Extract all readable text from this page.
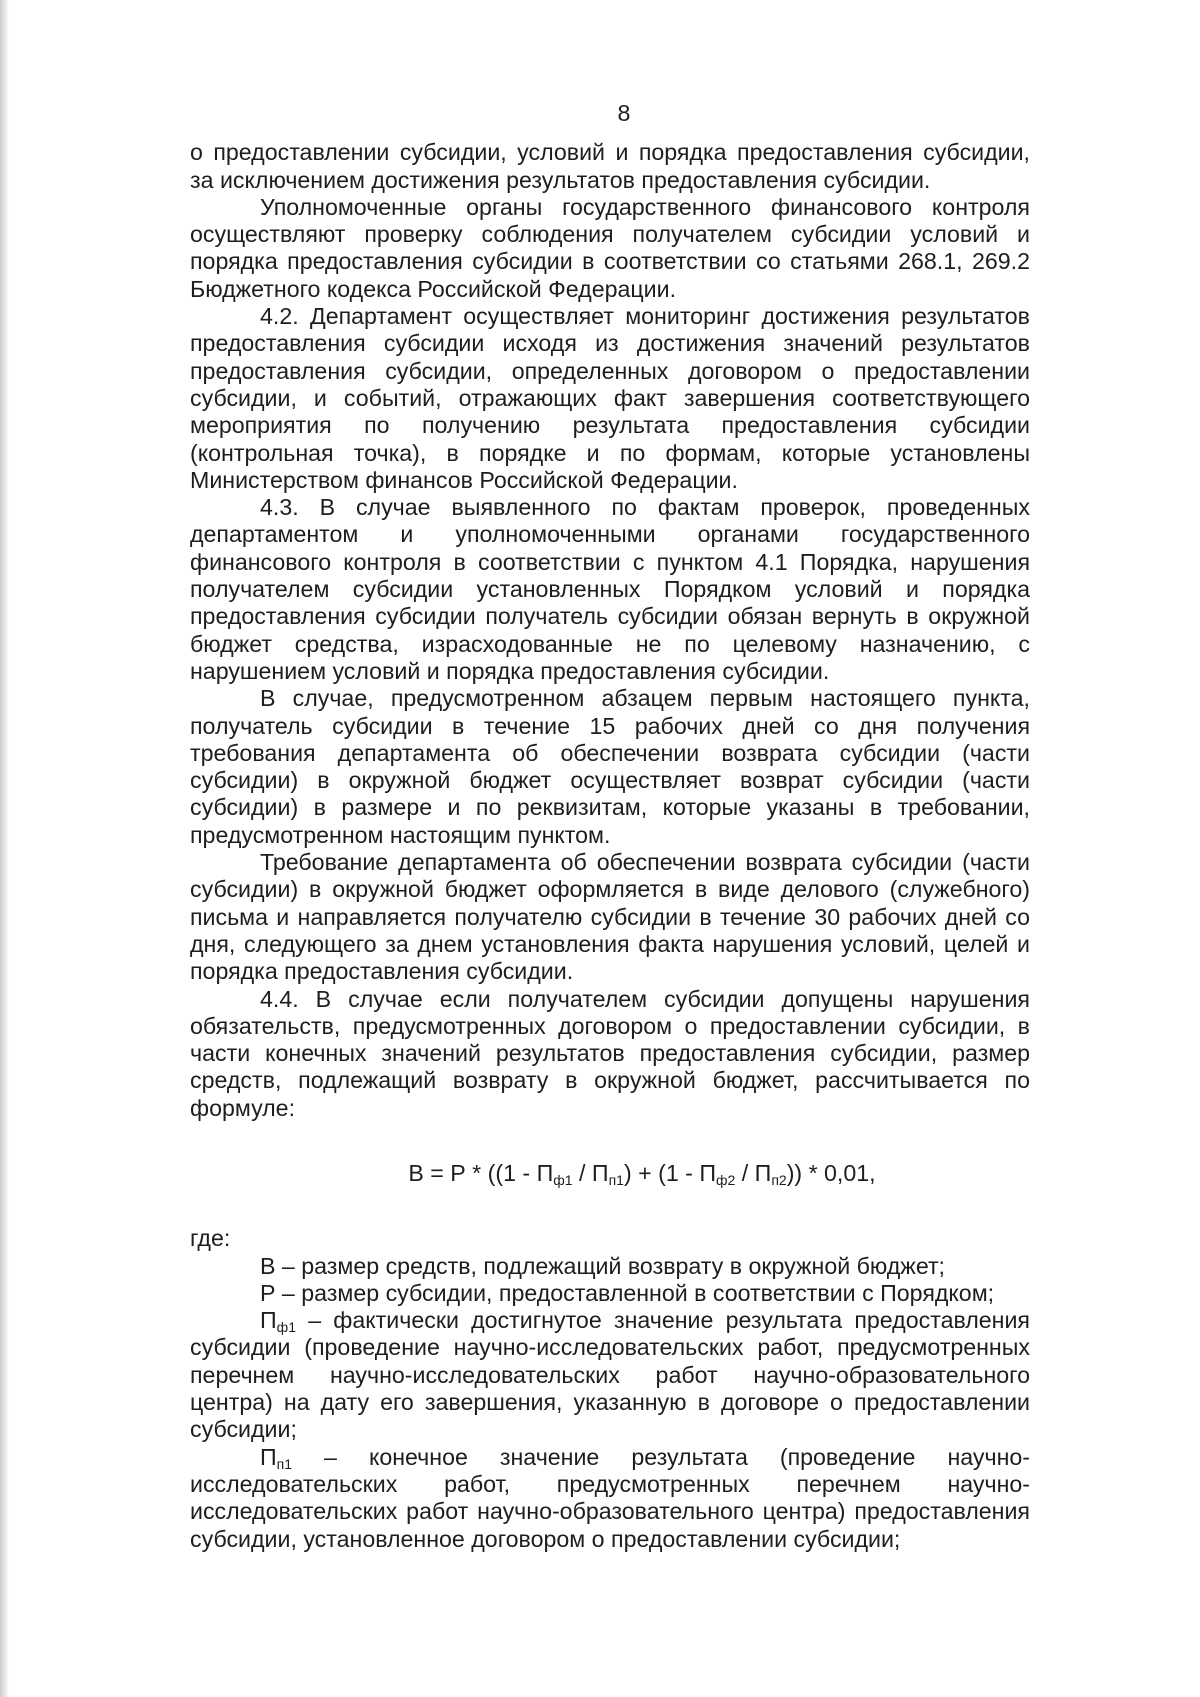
8

о предоставлении субсидии, условий и порядка предоставления субсидии, за исключением достижения результатов предоставления субсидии.

Уполномоченные органы государственного финансового контроля осуществляют проверку соблюдения получателем субсидии условий и порядка предоставления субсидии в соответствии со статьями 268.1, 269.2 Бюджетного кодекса Российской Федерации.

4.2. Департамент осуществляет мониторинг достижения результатов предоставления субсидии исходя из достижения значений результатов предоставления субсидии, определенных договором о предоставлении субсидии, и событий, отражающих факт завершения соответствующего мероприятия по получению результата предоставления субсидии (контрольная точка), в порядке и по формам, которые установлены Министерством финансов Российской Федерации.

4.3. В случае выявленного по фактам проверок, проведенных департаментом и уполномоченными органами государственного финансового контроля в соответствии с пунктом 4.1 Порядка, нарушения получателем субсидии установленных Порядком условий и порядка предоставления субсидии получатель субсидии обязан вернуть в окружной бюджет средства, израсходованные не по целевому назначению, с нарушением условий и порядка предоставления субсидии.

В случае, предусмотренном абзацем первым настоящего пункта, получатель субсидии в течение 15 рабочих дней со дня получения требования департамента об обеспечении возврата субсидии (части субсидии) в окружной бюджет осуществляет возврат субсидии (части субсидии) в размере и по реквизитам, которые указаны в требовании, предусмотренном настоящим пунктом.

Требование департамента об обеспечении возврата субсидии (части субсидии) в окружной бюджет оформляется в виде делового (служебного) письма и направляется получателю субсидии в течение 30 рабочих дней со дня, следующего за днем установления факта нарушения условий, целей и порядка предоставления субсидии.

4.4. В случае если получателем субсидии допущены нарушения обязательств, предусмотренных договором о предоставлении субсидии, в части конечных значений результатов предоставления субсидии, размер средств, подлежащий возврату в окружной бюджет, рассчитывается по формуле:

$В = Р * ((1 - П_{ф1} / П_{п1}) + (1 - П_{ф2} / П_{п2})) * 0,01$,

где:

В – размер средств, подлежащий возврату в окружной бюджет;

Р – размер субсидии, предоставленной в соответствии с Порядком;

$П_{ф1}$ – фактически достигнутое значение результата предоставления субсидии (проведение научно-исследовательских работ, предусмотренных перечнем научно-исследовательских работ научно-образовательного центра) на дату его завершения, указанную в договоре о предоставлении субсидии;

$П_{п1}$ – конечное значение результата (проведение научно-исследовательских работ, предусмотренных перечнем научно-исследовательских работ научно-образовательного центра) предоставления субсидии, установленное договором о предоставлении субсидии;
